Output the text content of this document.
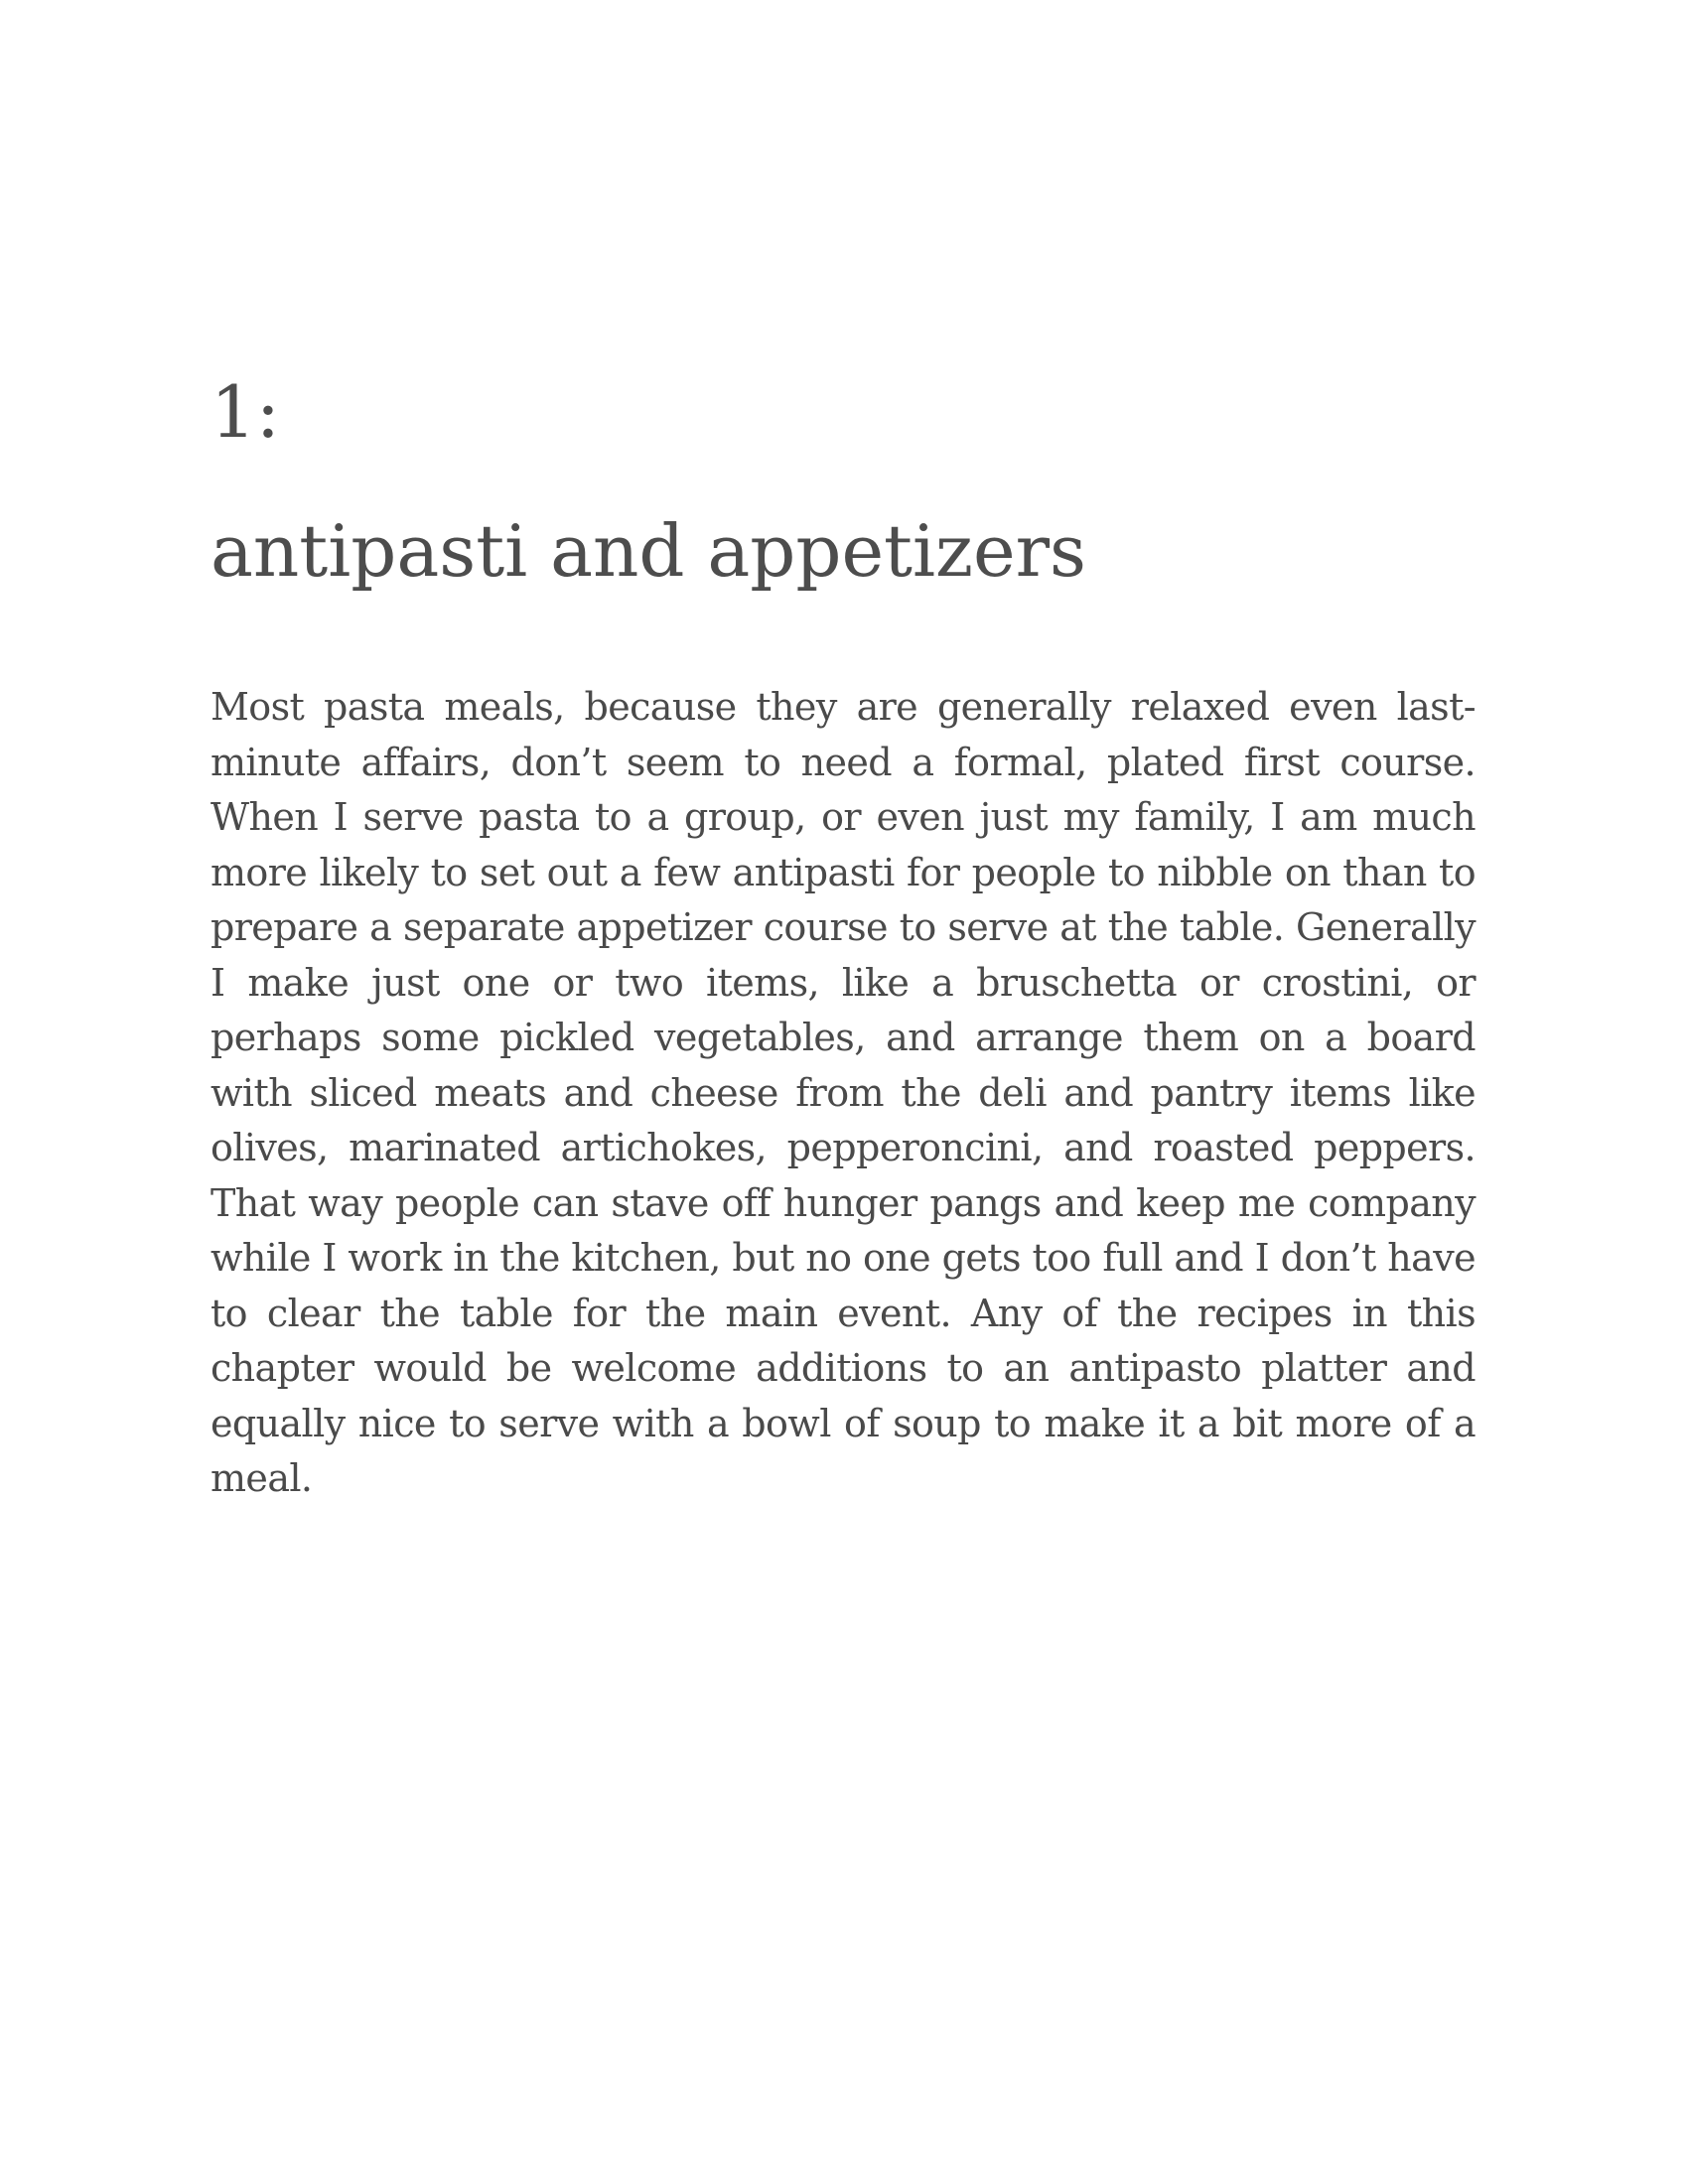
1:
antipasti and appetizers

Most pasta meals, because they are generally relaxed even last-minute affairs, don’t seem to need a formal, plated first course. When I serve pasta to a group, or even just my family, I am much more likely to set out a few antipasti for people to nibble on than to prepare a separate appetizer course to serve at the table. Generally I make just one or two items, like a bruschetta or crostini, or perhaps some pickled vegetables, and arrange them on a board with sliced meats and cheese from the deli and pantry items like olives, marinated artichokes, pepperoncini, and roasted peppers. That way people can stave off hunger pangs and keep me company while I work in the kitchen, but no one gets too full and I don’t have to clear the table for the main event. Any of the recipes in this chapter would be welcome additions to an antipasto platter and equally nice to serve with a bowl of soup to make it a bit more of a meal.
